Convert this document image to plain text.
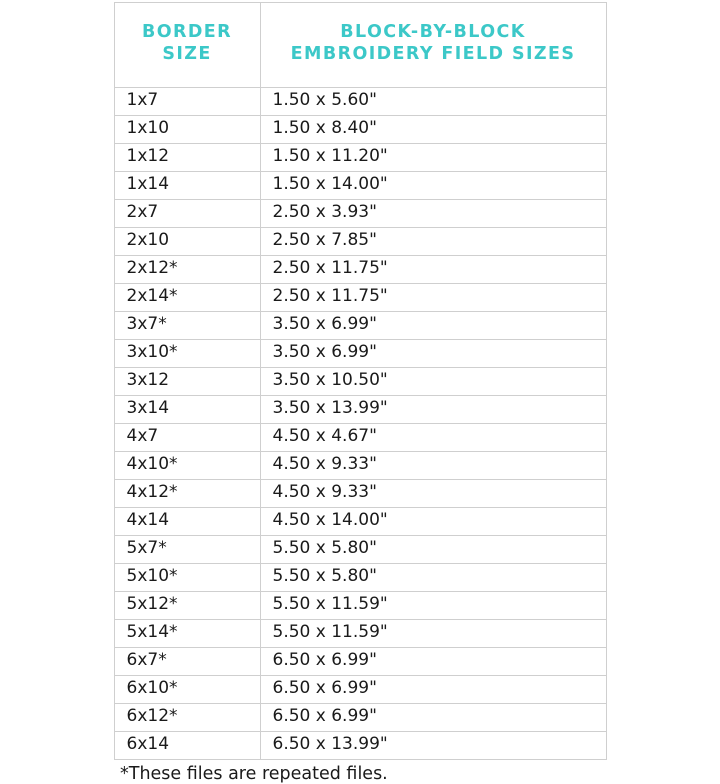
BORDER
SIZE	BLOCK-BY-BLOCK
EMBROIDERY FIELD SIZES

1x7	1.50 x 5.60"
1x10	1.50 x 8.40"
1x12	1.50 x 11.20"
1x14	1.50 x 14.00"
2x7	2.50 x 3.93"
2x10	2.50 x 7.85"
2x12*	2.50 x 11.75"
2x14*	2.50 x 11.75"
3x7*	3.50 x 6.99"
3x10*	3.50 x 6.99"
3x12	3.50 x 10.50"
3x14	3.50 x 13.99"
4x7	4.50 x 4.67"
4x10*	4.50 x 9.33"
4x12*	4.50 x 9.33"
4x14	4.50 x 14.00"
5x7*	5.50 x 5.80"
5x10*	5.50 x 5.80"
5x12*	5.50 x 11.59"
5x14*	5.50 x 11.59"
6x7*	6.50 x 6.99"
6x10*	6.50 x 6.99"
6x12*	6.50 x 6.99"
6x14	6.50 x 13.99"
*These files are repeated files.
